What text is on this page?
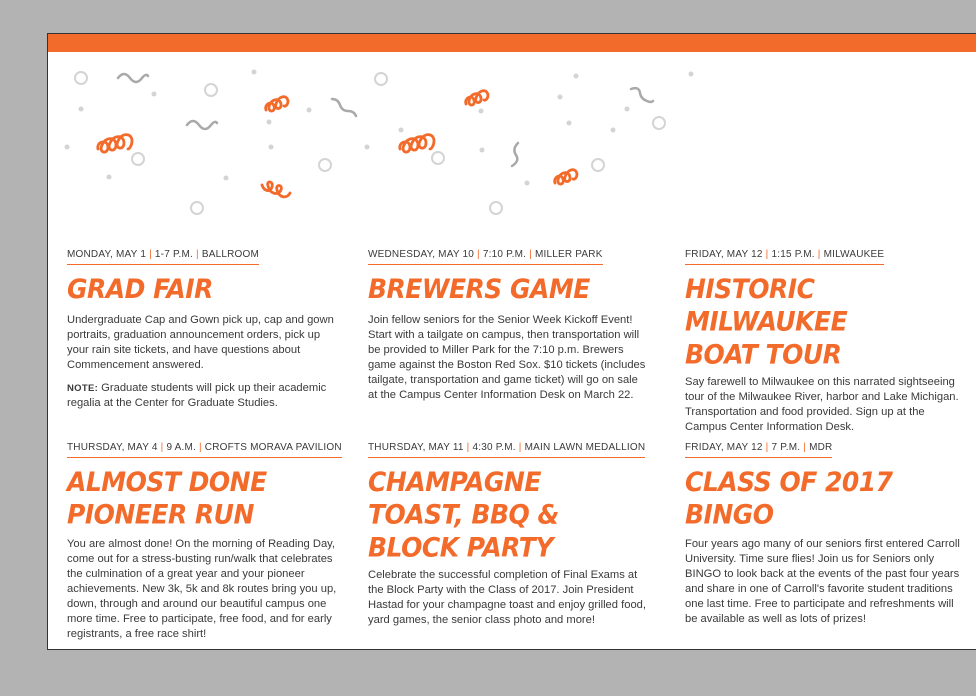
MONDAY, MAY 1 | 1-7 P.M. | BALLROOM
GRAD FAIR
Undergraduate Cap and Gown pick up, cap and gown portraits, graduation announcement orders, pick up your rain site tickets, and have questions about Commencement answered.
NOTE: Graduate students will pick up their academic regalia at the Center for Graduate Studies.
WEDNESDAY, MAY 10 | 7:10 P.M. | MILLER PARK
BREWERS GAME
Join fellow seniors for the Senior Week Kickoff Event! Start with a tailgate on campus, then transportation will be provided to Miller Park for the 7:10 p.m. Brewers game against the Boston Red Sox. $10 tickets (includes tailgate, transportation and game ticket) will go on sale at the Campus Center Information Desk on March 22.
FRIDAY, MAY 12 | 1:15 P.M. | MILWAUKEE
HISTORIC MILWAUKEE BOAT TOUR
Say farewell to Milwaukee on this narrated sightseeing tour of the Milwaukee River, harbor and Lake Michigan. Transportation and food provided. Sign up at the Campus Center Information Desk.
THURSDAY, MAY 4 | 9 A.M. | CROFTS MORAVA PAVILION
ALMOST DONE PIONEER RUN
You are almost done! On the morning of Reading Day, come out for a stress-busting run/walk that celebrates the culmination of a great year and your pioneer achievements. New 3k, 5k and 8k routes bring you up, down, through and around our beautiful campus one more time. Free to participate, free food, and for early registrants, a free race shirt!
THURSDAY, MAY 11 | 4:30 P.M. | MAIN LAWN MEDALLION
CHAMPAGNE TOAST, BBQ & BLOCK PARTY
Celebrate the successful completion of Final Exams at the Block Party with the Class of 2017. Join President Hastad for your champagne toast and enjoy grilled food, yard games, the senior class photo and more!
FRIDAY, MAY 12 | 7 P.M. | MDR
CLASS OF 2017 BINGO
Four years ago many of our seniors first entered Carroll University. Time sure flies! Join us for Seniors only BINGO to look back at the events of the past four years and share in one of Carroll's favorite student traditions one last time. Free to participate and refreshments will be available as well as lots of prizes!
